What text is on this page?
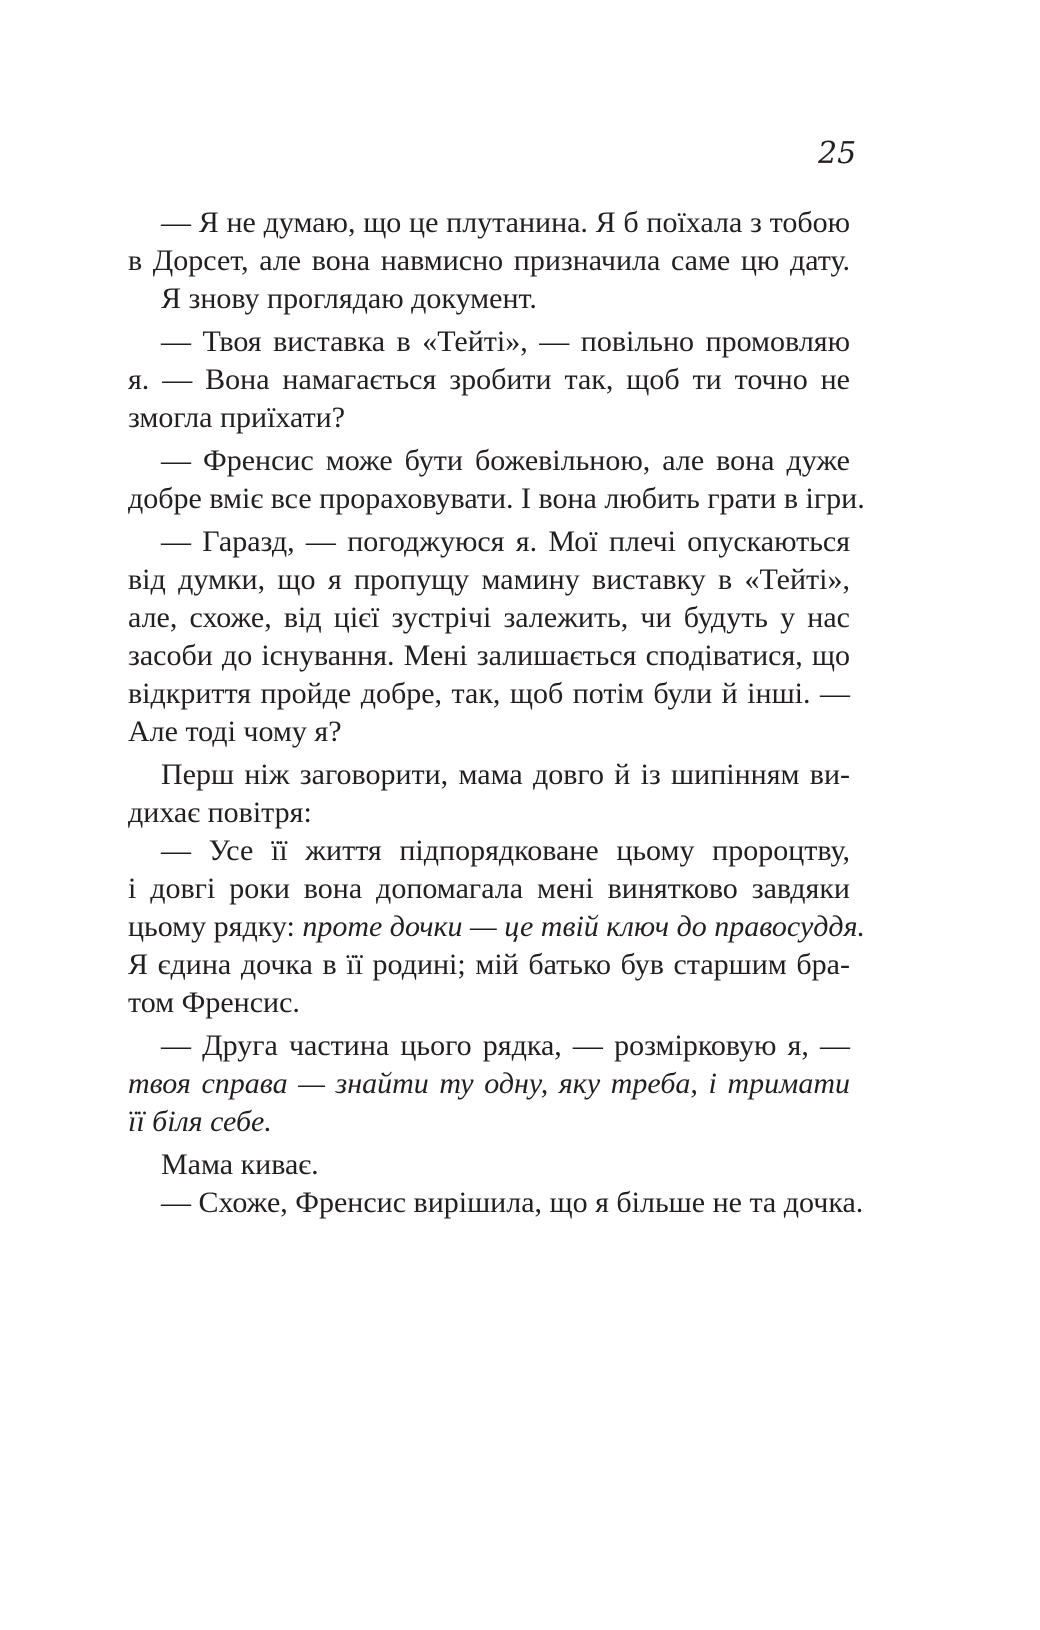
25
— Я не думаю, що це плутанина. Я б поїхала з тобою
в Дорсет, але вона навмисно призначила саме цю дату.
Я знову проглядаю документ.
— Твоя виставка в «Тейті», — повільно промовляю
я. — Вона намагається зробити так, щоб ти точно не
змогла приїхати?
— Френсис може бути божевільною, але вона дуже
добре вміє все прораховувати. І вона любить грати в ігри.
— Гаразд, — погоджуюся я. Мої плечі опускаються
від думки, що я пропущу мамину виставку в «Тейті»,
але, схоже, від цієї зустрічі залежить, чи будуть у нас
засоби до існування. Мені залишається сподіватися, що
відкриття пройде добре, так, щоб потім були й інші. —
Але тоді чому я?
Перш ніж заговорити, мама довго й із шипінням ви-
дихає повітря:
— Усе її життя підпорядковане цьому пророцтву,
і довгі роки вона допомагала мені винятково завдяки
цьому рядку: проте дочки — це твій ключ до правосуддя.
Я єдина дочка в її родині; мій батько був старшим бра-
том Френсис.
— Друга частина цього рядка, — розмірковую я, —
твоя справа — знайти ту одну, яку треба, і тримати
її біля себе.
Мама киває.
— Схоже, Френсис вирішила, що я більше не та дочка.
